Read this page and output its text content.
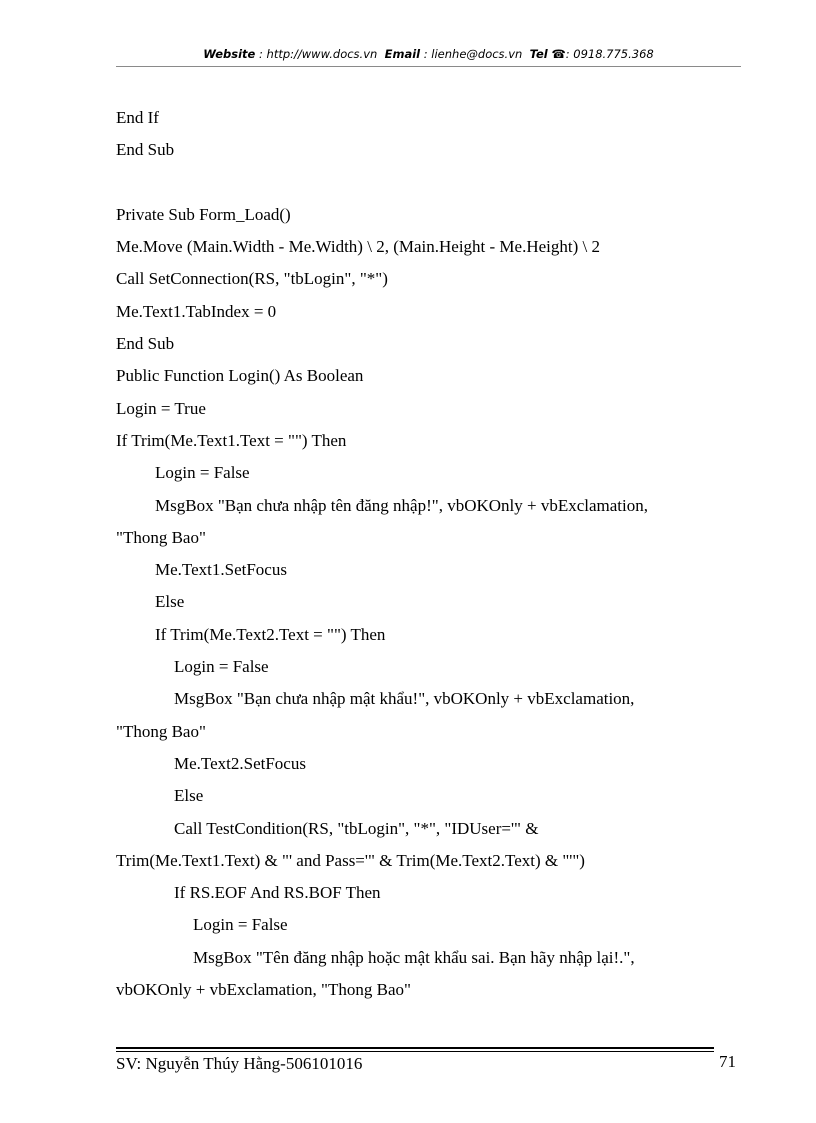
Website : http://www.docs.vn Email : lienhe@docs.vn Tel ☎: 0918.775.368
End If
End Sub
Private Sub Form_Load()
Me.Move (Main.Width - Me.Width) \ 2, (Main.Height - Me.Height) \ 2
Call SetConnection(RS, "tbLogin", "*")
Me.Text1.TabIndex = 0
End Sub
Public Function Login() As Boolean
Login = True
If Trim(Me.Text1.Text = "") Then
Login = False
MsgBox "Bạn chưa nhập tên đăng nhập!", vbOKOnly + vbExclamation,
"Thong Bao"
Me.Text1.SetFocus
Else
If Trim(Me.Text2.Text = "") Then
Login = False
MsgBox "Bạn chưa nhập mật khẩu!", vbOKOnly + vbExclamation,
"Thong Bao"
Me.Text2.SetFocus
Else
Call TestCondition(RS, "tbLogin", "*", "IDUser='" &
Trim(Me.Text1.Text) & "' and Pass='" & Trim(Me.Text2.Text) & "'")
If RS.EOF And RS.BOF Then
Login = False
MsgBox "Tên đăng nhập hoặc mật khẩu sai. Bạn hãy nhập lại!.",
vbOKOnly + vbExclamation, "Thong Bao"
SV: Nguyễn Thúy Hằng-506101016	71
